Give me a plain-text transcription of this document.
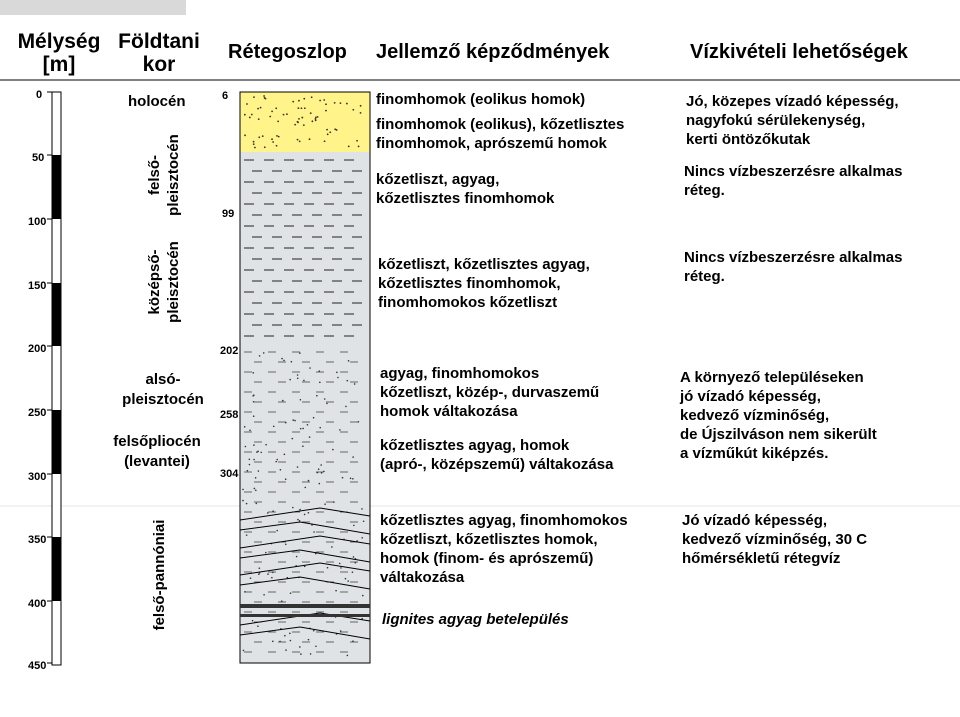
Mélység
[m]
Földtani
kor
Rétegoszlop Jellemző képződmények	Vízkivételi lehetőségek
0
50
100
150
200
250
300
350
400
450
6
99
202
258
304
holocén
felső- pleisztocén
középső- pleisztocén
alsó-
pleisztocén
felsőpliocén
(levantei)
felső-pannóniai
finomhomok (eolikus homok)
finomhomok (eolikus), kőzetlisztes
finomhomok, aprószemű homok
kőzetliszt, agyag,
kőzetlisztes finomhomok
kőzetliszt, kőzetlisztes agyag,
kőzetlisztes finomhomok,
finomhomokos kőzetliszt
agyag, finomhomokos
kőzetliszt, közép-, durvaszemű
homok váltakozása
kőzetlisztes agyag, homok
(apró-, középszemű) váltakozása
kőzetlisztes agyag, finomhomokos
kőzetliszt, kőzetlisztes homok,
homok (finom- és aprószemű)
váltakozása
lignites agyag betelepülés
Jó, közepes vízadó képesség,
nagyfokú sérülekenység,
kerti öntözőkutak
Nincs vízbeszerzésre alkalmas
réteg.
Nincs vízbeszerzésre alkalmas
réteg.
A környező településeken
jó vízadó képesség,
kedvező vízminőség,
de Újszilváson nem sikerült
a vízműkút kiképzés.
Jó vízadó képesség,
kedvező vízminőség, 30 C
hőmérsékletű rétegvíz
